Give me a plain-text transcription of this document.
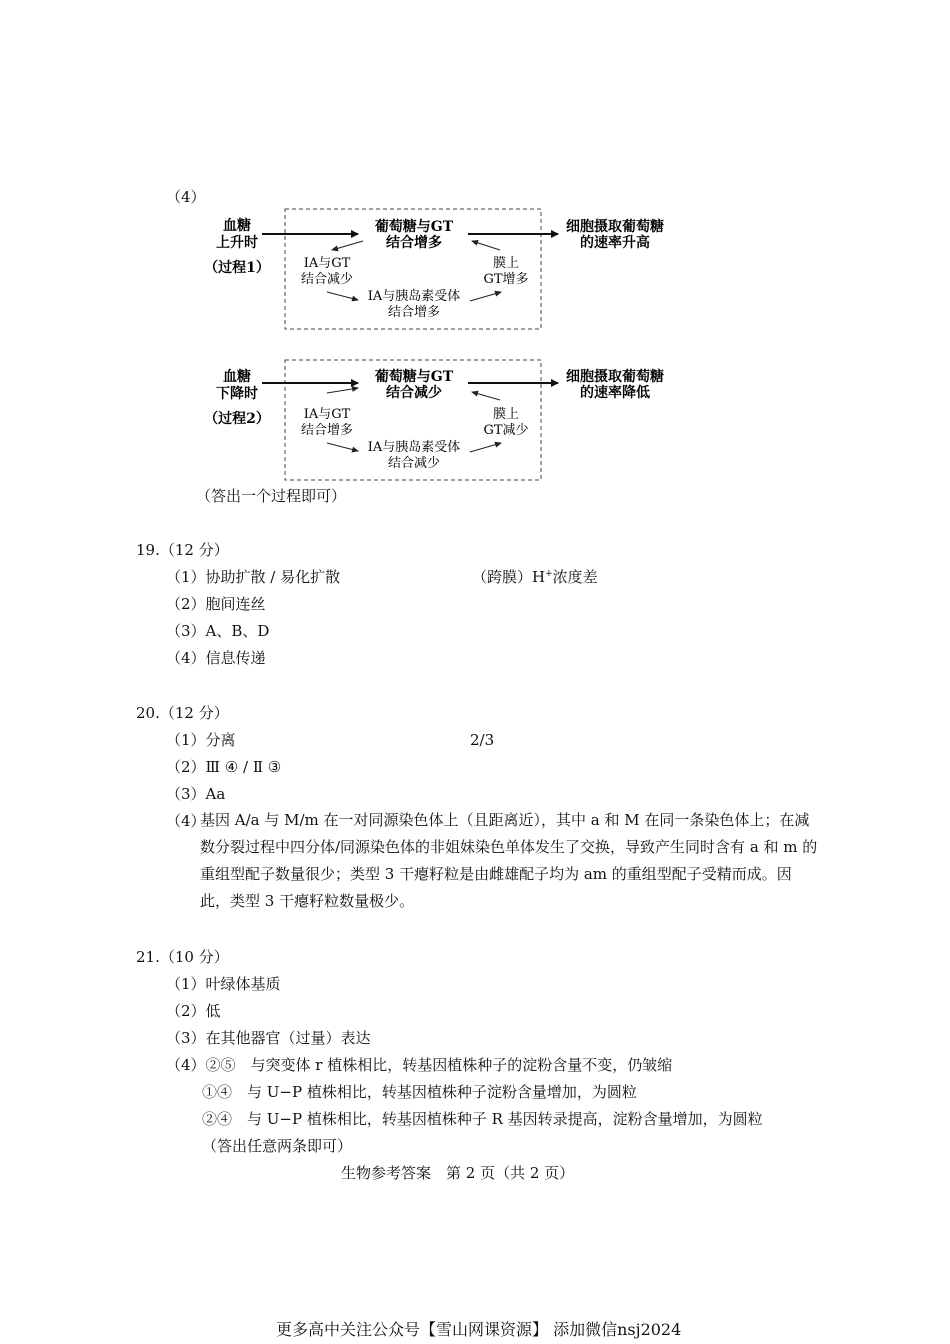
（4）
血糖
上升时
（过程1）
葡萄糖与GT
结合增多
细胞摄取葡萄糖
的速率升高
IA与GT
结合减少
膜上
GT增多
IA与胰岛素受体
结合增多
血糖
下降时
（过程2）
葡萄糖与GT
结合减少
细胞摄取葡萄糖
的速率降低
IA与GT
结合增多
膜上
GT减少
IA与胰岛素受体
结合减少
（答出一个过程即可）
19.（12 分）
（1）协助扩散 / 易化扩散	（跨膜）H+浓度差
（2）胞间连丝
（3）A、B、D
（4）信息传递
20.（12 分）
（1）分离	2/3
（2）Ⅲ ④ / Ⅱ ③
（3）Aa
（4）
基因 A/a 与 M/m 在一对同源染色体上（且距离近），其中 a 和 M 在同一条染色体上；在减数分裂过程中四分体/同源染色体的非姐妹染色单体发生了交换，导致产生同时含有 a 和 m 的重组型配子数量很少；类型 3 干瘪籽粒是由雌雄配子均为 am 的重组型配子受精而成。因此，类型 3 干瘪籽粒数量极少。
21.（10 分）
（1）叶绿体基质
（2）低
（3）在其他器官（过量）表达
（4）②⑤　与突变体 r 植株相比，转基因植株种子的淀粉含量不变，仍皱缩
①④　与 U−P 植株相比，转基因植株种子淀粉含量增加，为圆粒
②④　与 U−P 植株相比，转基因植株种子 R 基因转录提高，淀粉含量增加，为圆粒
（答出任意两条即可）
生物参考答案　第 2 页（共 2 页）
更多高中关注公众号【雪山网课资源】 添加微信nsj2024
